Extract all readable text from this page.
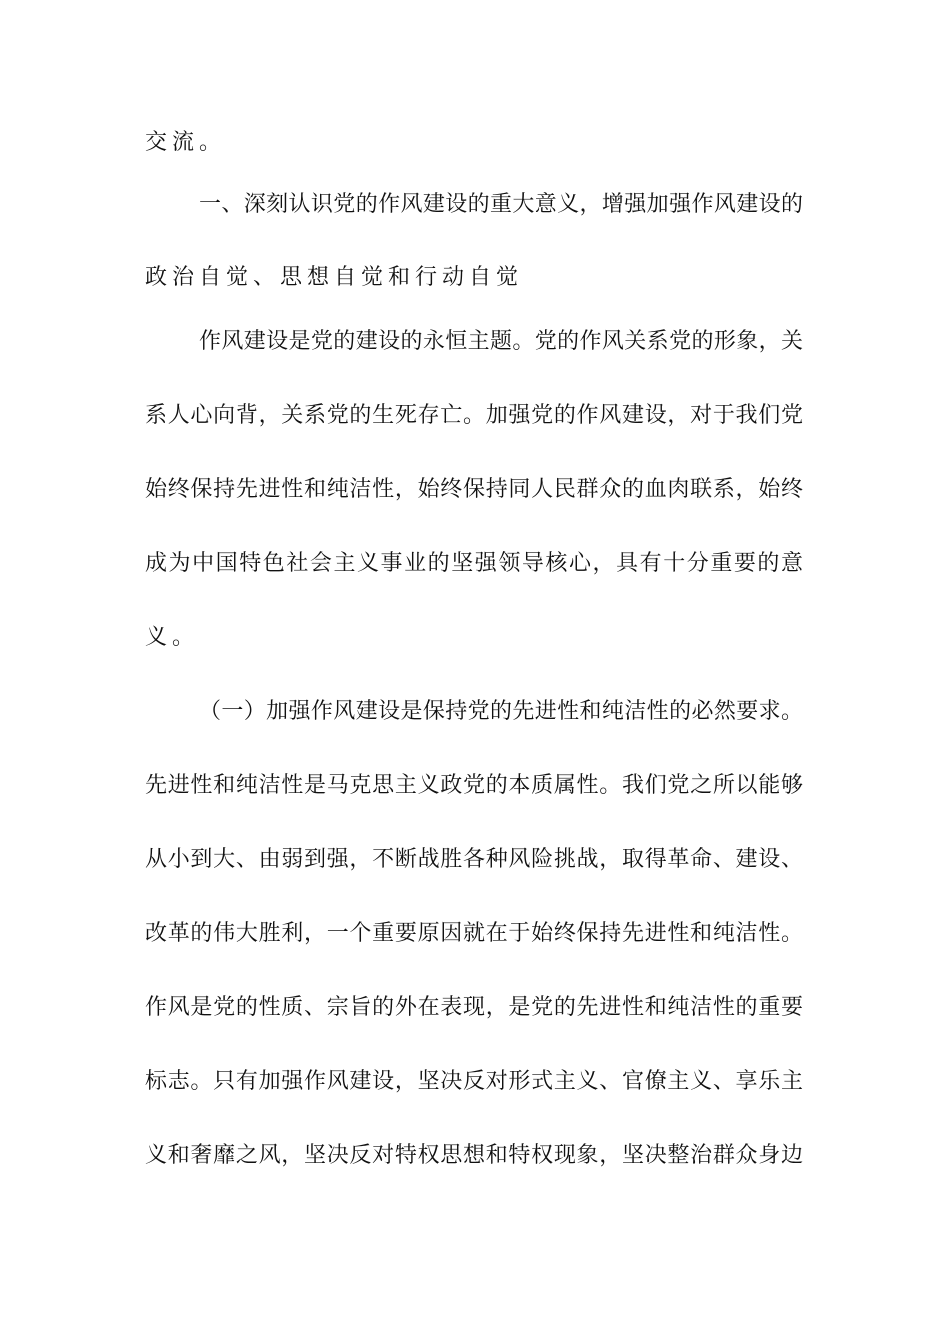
交流。
一、深刻认识党的作风建设的重大意义，增强加强作风建设的
政治自觉、思想自觉和行动自觉
作风建设是党的建设的永恒主题。党的作风关系党的形象，关
系人心向背，关系党的生死存亡。加强党的作风建设，对于我们党
始终保持先进性和纯洁性，始终保持同人民群众的血肉联系，始终
成为中国特色社会主义事业的坚强领导核心，具有十分重要的意
义。
（一）加强作风建设是保持党的先进性和纯洁性的必然要求。
先进性和纯洁性是马克思主义政党的本质属性。我们党之所以能够
从小到大、由弱到强，不断战胜各种风险挑战，取得革命、建设、
改革的伟大胜利，一个重要原因就在于始终保持先进性和纯洁性。
作风是党的性质、宗旨的外在表现，是党的先进性和纯洁性的重要
标志。只有加强作风建设，坚决反对形式主义、官僚主义、享乐主
义和奢靡之风，坚决反对特权思想和特权现象，坚决整治群众身边
